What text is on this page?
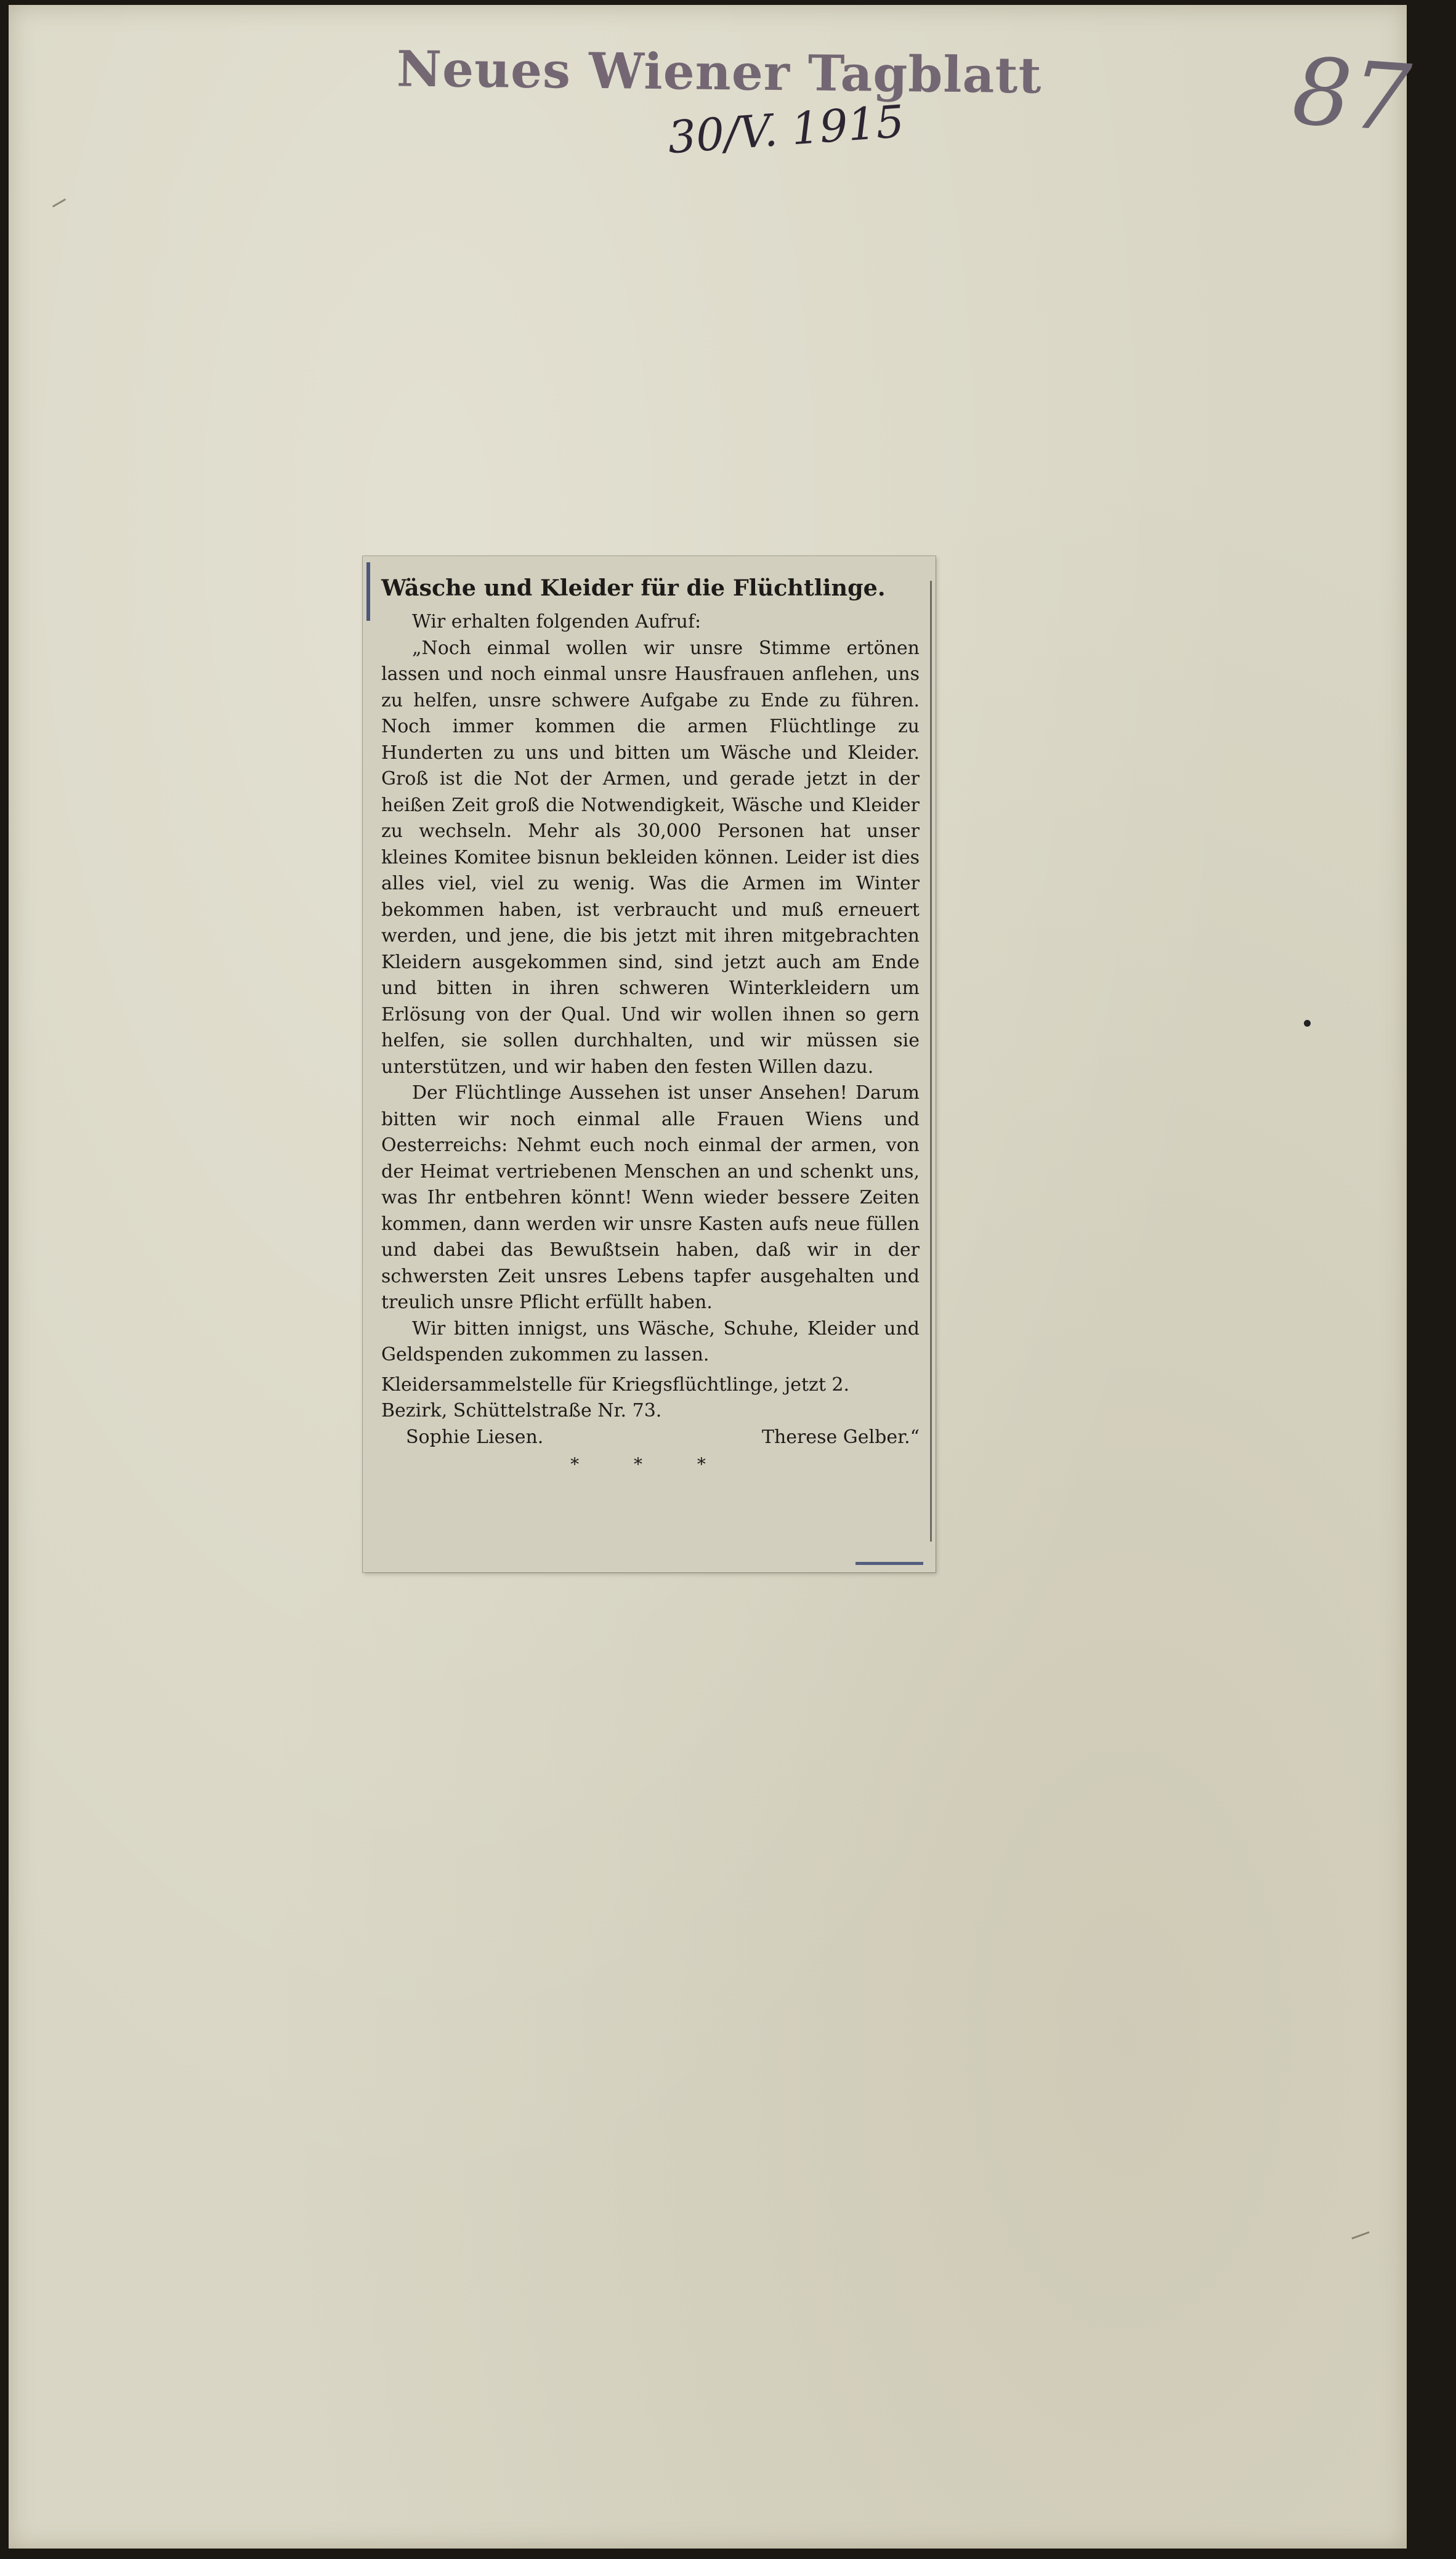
Neues Wiener Tagblatt
30/V. 1915	87
Wäsche und Kleider für die Flüchtlinge.

Wir erhalten folgenden Aufruf:

„Noch einmal wollen wir unsre Stimme ertönen lassen und noch einmal unsre Hausfrauen anflehen, uns zu helfen, unsre schwere Aufgabe zu Ende zu führen. Noch immer kommen die armen Flüchtlinge zu Hunderten zu uns und bitten um Wäsche und Kleider. Groß ist die Not der Armen, und gerade jetzt in der heißen Zeit groß die Notwendigkeit, Wäsche und Kleider zu wechseln. Mehr als 30,000 Personen hat unser kleines Komitee bisnun bekleiden können. Leider ist dies alles viel, viel zu wenig. Was die Armen im Winter bekommen haben, ist verbraucht und muß erneuert werden, und jene, die bis jetzt mit ihren mitgebrachten Kleidern ausgekommen sind, sind jetzt auch am Ende und bitten in ihren schweren Winterkleidern um Erlösung von der Qual. Und wir wollen ihnen so gern helfen, sie sollen durchhalten, und wir müssen sie unterstützen, und wir haben den festen Willen dazu.

Der Flüchtlinge Aussehen ist unser Ansehen! Darum bitten wir noch einmal alle Frauen Wiens und Oesterreichs: Nehmt euch noch einmal der armen, von der Heimat vertriebenen Menschen an und schenkt uns, was Ihr entbehren könnt! Wenn wieder bessere Zeiten kommen, dann werden wir unsre Kasten aufs neue füllen und dabei das Bewußtsein haben, daß wir in der schwersten Zeit unsres Lebens tapfer ausgehalten und treulich unsre Pflicht erfüllt haben.

Wir bitten innigst, uns Wäsche, Schuhe, Kleider und Geldspenden zukommen zu lassen.

Kleidersammelstelle für Kriegsflüchtlinge, jetzt 2. Bezirk, Schüttelstraße Nr. 73.

Sophie Liesen.	Therese Gelber.“
* * *
